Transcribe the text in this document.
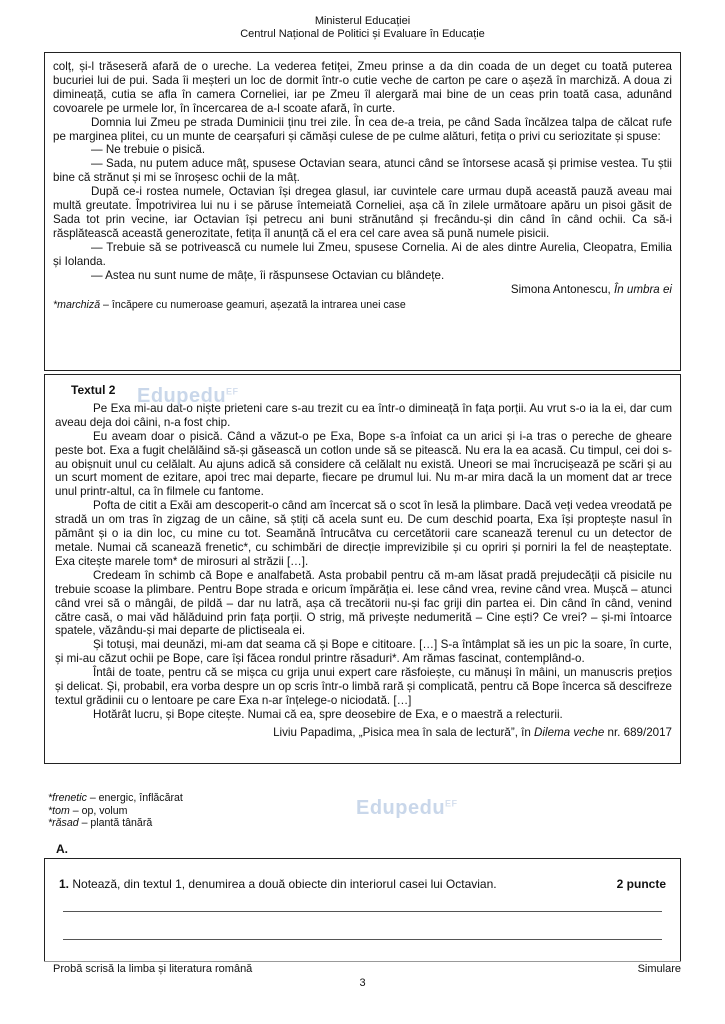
Ministerul Educației
Centrul Național de Politici și Evaluare în Educație

colț, și-l trăseseră afară de o ureche. La vederea fetiței, Zmeu prinse a da din coada de un deget cu toată puterea bucuriei lui de pui. Sada îi meșteri un loc de dormit într-o cutie veche de carton pe care o așeză în marchiză. A doua zi dimineață, cutia se afla în camera Corneliei, iar pe Zmeu îl alergară mai bine de un ceas prin toată casa, adunând covoarele pe urmele lor, în încercarea de a-l scoate afară, în curte.

Domnia lui Zmeu pe strada Duminicii ținu trei zile. În cea de-a treia, pe când Sada încălzea talpa de călcat rufe pe marginea plitei, cu un munte de cearșafuri și cămăși culese de pe culme alături, fetița o privi cu seriozitate și spuse:

— Ne trebuie o pisică.

— Sada, nu putem aduce mâț, spusese Octavian seara, atunci când se întorsese acasă și primise vestea. Tu știi bine că strănut și mi se înroșesc ochii de la mâț.

După ce-i rostea numele, Octavian își dregea glasul, iar cuvintele care urmau după această pauză aveau mai multă greutate. Împotrivirea lui nu i se păruse întemeiată Corneliei, așa că în zilele următoare apăru un pisoi găsit de Sada tot prin vecine, iar Octavian își petrecu ani buni strănutând și frecându-și din când în când ochii. Ca să-i răsplătească această generozitate, fetița îl anunță că el era cel care avea să pună numele pisicii.

— Trebuie să se potrivească cu numele lui Zmeu, spusese Cornelia. Ai de ales dintre Aurelia, Cleopatra, Emilia și Iolanda.

— Astea nu sunt nume de mâțe, îi răspunsese Octavian cu blândețe.

Simona Antonescu, În umbra ei
*marchiză – încăpere cu numeroase geamuri, așezată la intrarea unei case
Textul 2

Pe Exa mi-au dat-o niște prieteni care s-au trezit cu ea într-o dimineață în fața porții. Au vrut s-o ia la ei, dar cum aveau deja doi câini, n-a fost chip.

Eu aveam doar o pisică. Când a văzut-o pe Exa, Bope s-a înfoiat ca un arici și i-a tras o pereche de gheare peste bot. Exa a fugit chelălăind să-și găsească un cotlon unde să se pitească. Nu era la ea acasă. Cu timpul, cei doi s-au obișnuit unul cu celălalt. Au ajuns adică să considere că celălalt nu există. Uneori se mai încrucișează pe scări și au un scurt moment de ezitare, apoi trec mai departe, fiecare pe drumul lui. Nu m-ar mira dacă la un moment dat ar trece unul printr-altul, ca în filmele cu fantome.

Pofta de citit a Exăi am descoperit-o când am încercat să o scot în lesă la plimbare. Dacă veți vedea vreodată pe stradă un om tras în zigzag de un câine, să știți că acela sunt eu. De cum deschid poarta, Exa își proptește nasul în pământ și o ia din loc, cu mine cu tot. Seamănă întrucâtva cu cercetătorii care scanează terenul cu un detector de metale. Numai că scanează frenetic*, cu schimbări de direcție imprevizibile și cu opriri și porniri la fel de neașteptate. Exa citește marele tom* de mirosuri al străzii […].

Credeam în schimb că Bope e analfabetă. Asta probabil pentru că m-am lăsat pradă prejudecății că pisicile nu trebuie scoase la plimbare. Pentru Bope strada e oricum împărăția ei. Iese când vrea, revine când vrea. Mușcă – atunci când vrei să o mângâi, de pildă – dar nu latră, așa că trecătorii nu-și fac griji din partea ei. Din când în când, venind către casă, o mai văd hălăduind prin fața porții. O strig, mă privește nedumerită – Cine ești? Ce vrei? – și-mi întoarce spatele, văzându-și mai departe de plictiseala ei.

Și totuși, mai deunăzi, mi-am dat seama că și Bope e cititoare. […] S-a întâmplat să ies un pic la soare, în curte, și mi-au căzut ochii pe Bope, care își făcea rondul printre răsaduri*. Am rămas fascinat, contemplând-o.

Întâi de toate, pentru că se mișca cu grija unui expert care răsfoiește, cu mănuși în mâini, un manuscris prețios și delicat. Și, probabil, era vorba despre un op scris într-o limbă rară și complicată, pentru că Bope încerca să descifreze textul grădinii cu o lentoare pe care Exa n-ar înțelege-o niciodată. […]

Hotărât lucru, și Bope citește. Numai că ea, spre deosebire de Exa, e o maestră a relecturii.

Liviu Papadima, „Pisica mea în sala de lectură”, în Dilema veche nr. 689/2017
Edupedu$^{EF}$
*frenetic – energic, înflăcărat
*tom – op, volum
*răsad – plantă tânără
Edupedu$^{EF}$
A.
1. Notează, din textul 1, denumirea a două obiecte din interiorul casei lui Octavian.	2 puncte
Probă scrisă la limba și literatura română	Simulare
3
